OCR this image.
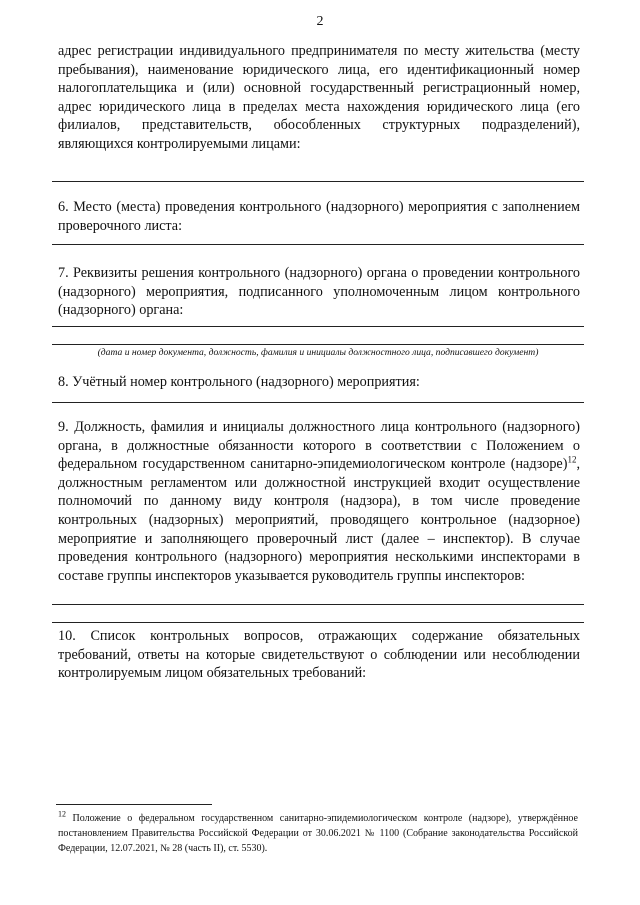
2
адрес регистрации индивидуального предпринимателя по месту жительства (месту пребывания), наименование юридического лица, его идентификационный номер налогоплательщика и (или) основной государственный регистрационный номер, адрес юридического лица в пределах места нахождения юридического лица (его филиалов, представительств, обособленных структурных подразделений), являющихся контролируемыми лицами:
6. Место (места) проведения контрольного (надзорного) мероприятия с заполнением проверочного листа:
7. Реквизиты решения контрольного (надзорного) органа о проведении контрольного (надзорного) мероприятия, подписанного уполномоченным лицом контрольного (надзорного) органа:
(дата и номер документа, должность, фамилия и инициалы должностного лица, подписавшего документ)
8. Учётный номер контрольного (надзорного) мероприятия:
9. Должность, фамилия и инициалы должностного лица контрольного (надзорного) органа, в должностные обязанности которого в соответствии с Положением о федеральном государственном санитарно-эпидемиологическом контроле (надзоре)$^{12}$, должностным регламентом или должностной инструкцией входит осуществление полномочий по данному виду контроля (надзора), в том числе проведение контрольных (надзорных) мероприятий, проводящего контрольное (надзорное) мероприятие и заполняющего проверочный лист (далее – инспектор). В случае проведения контрольного (надзорного) мероприятия несколькими инспекторами в составе группы инспекторов указывается руководитель группы инспекторов:
10. Список контрольных вопросов, отражающих содержание обязательных требований, ответы на которые свидетельствуют о соблюдении или несоблюдении контролируемым лицом обязательных требований:
$^{12}$ Положение о федеральном государственном санитарно-эпидемиологическом контроле (надзоре), утверждённое постановлением Правительства Российской Федерации от 30.06.2021 № 1100 (Собрание законодательства Российской Федерации, 12.07.2021, № 28 (часть II), ст. 5530).
